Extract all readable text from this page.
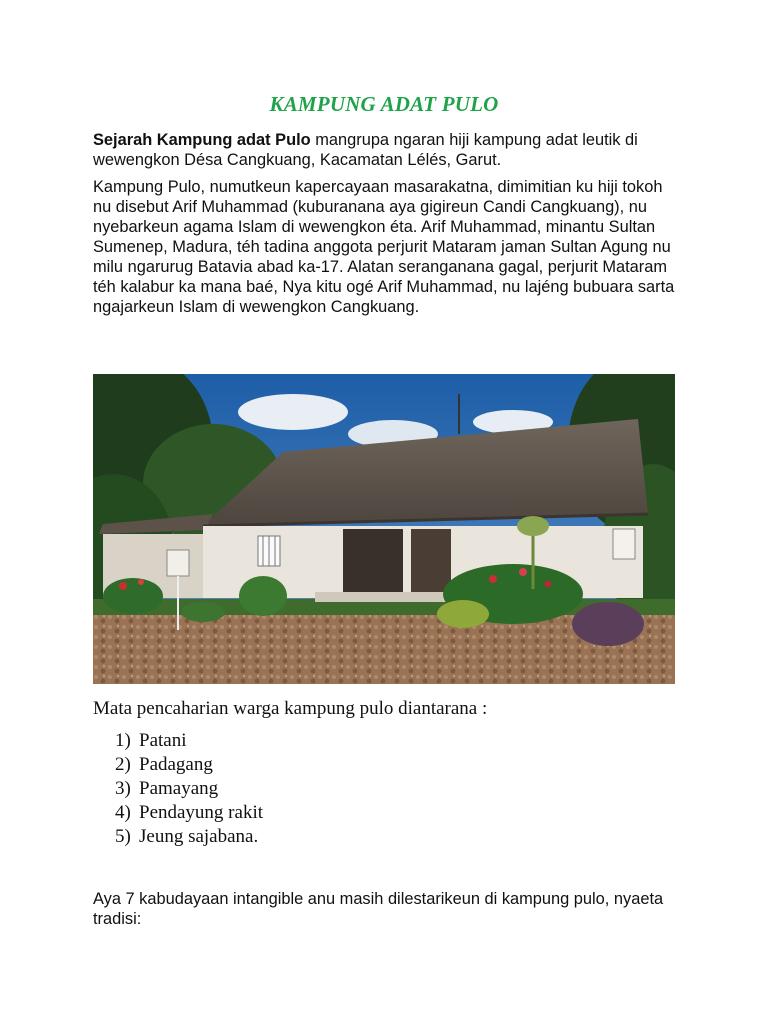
KAMPUNG ADAT PULO

Sejarah Kampung adat Pulo mangrupa ngaran hiji kampung adat leutik di wewengkon Désa Cangkuang, Kacamatan Lélés, Garut.

Kampung Pulo, numutkeun kapercayaan masarakatna, dimimitian ku hiji tokoh nu disebut Arif Muhammad (kuburanana aya gigireun Candi Cangkuang), nu nyebarkeun agama Islam di wewengkon éta. Arif Muhammad, minantu Sultan Sumenep, Madura, téh tadina anggota perjurit Mataram jaman Sultan Agung nu milu ngarurug Batavia abad ka-17. Alatan seranganana gagal, perjurit Mataram téh kalabur ka mana baé, Nya kitu ogé Arif Muhammad, nu lajéng bubuara sarta ngajarkeun Islam di wewengkon Cangkuang.

Mata pencaharian warga kampung pulo diantarana :

1) Patani
2) Padagang
3) Pamayang
4) Pendayung rakit
5) Jeung sajabana.

Aya 7 kabudayaan intangible anu masih dilestarikeun di kampung pulo, nyaeta tradisi:
